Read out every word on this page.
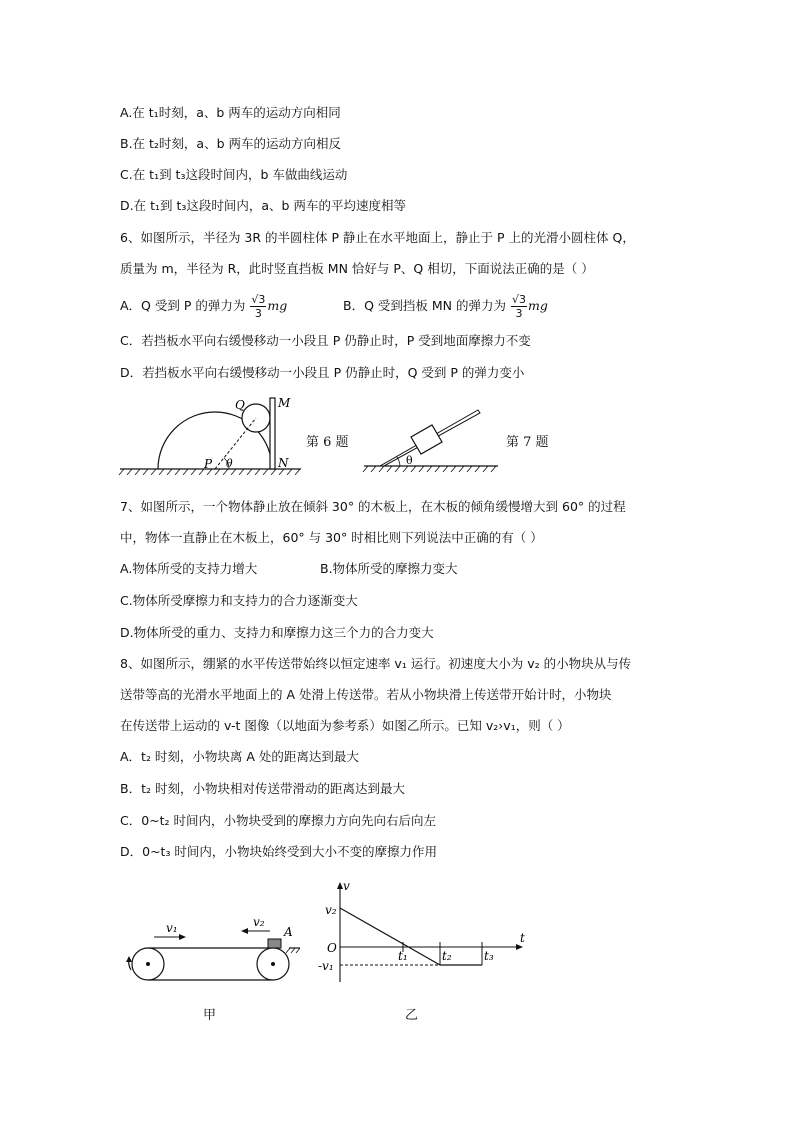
A.在 t₁时刻，a、b 两车的运动方向相同
B.在 t₂时刻，a、b 两车的运动方向相反
C.在 t₁到 t₃这段时间内，b 车做曲线运动
D.在 t₁到 t₃这段时间内，a、b 两车的平均速度相等
6、如图所示，半径为 3R 的半圆柱体 P 静止在水平地面上，静止于 P 上的光滑小圆柱体 Q，
质量为 m，半径为 R，此时竖直挡板 MN 恰好与 P、Q 相切，下面说法正确的是（ ）
A．Q 受到 P 的弹力为 $\frac{√3}{3}$ mg	B．Q 受到挡板 MN 的弹力为 $\frac{√3}{3}$ mg
C．若挡板水平向右缓慢移动一小段且 P 仍静止时，P 受到地面摩擦力不变
D．若挡板水平向右缓慢移动一小段且 P 仍静止时，Q 受到 P 的弹力变小
Q	M
N
P θ
第 6 题
θ
第 7 题
7、如图所示，一个物体静止放在倾斜 30° 的木板上，在木板的倾角缓慢增大到 60° 的过程
中，物体一直静止在木板上，60° 与 30° 时相比则下列说法中正确的有（ ）
A.物体所受的支持力增大	B.物体所受的摩擦力变大
C.物体所受摩擦力和支持力的合力逐渐变大
D.物体所受的重力、支持力和摩擦力这三个力的合力变大
8、如图所示，绷紧的水平传送带始终以恒定速率 v₁ 运行。初速度大小为 v₂ 的小物块从与传
送带等高的光滑水平地面上的 A 处滑上传送带。若从小物块滑上传送带开始计时，小物块
在传送带上运动的 v-t 图像（以地面为参考系）如图乙所示。已知 v₂›v₁，则（ ）
A．t₂ 时刻，小物块离 A 处的距离达到最大
B．t₂ 时刻，小物块相对传送带滑动的距离达到最大
C．0~t₂ 时间内，小物块受到的摩擦力方向先向右后向左
D．0~t₃ 时间内，小物块始终受到大小不变的摩擦力作用
v₁	v₂
A
甲
v
v₂
O
t
t₁	t₂	t₃
-v₁
乙
